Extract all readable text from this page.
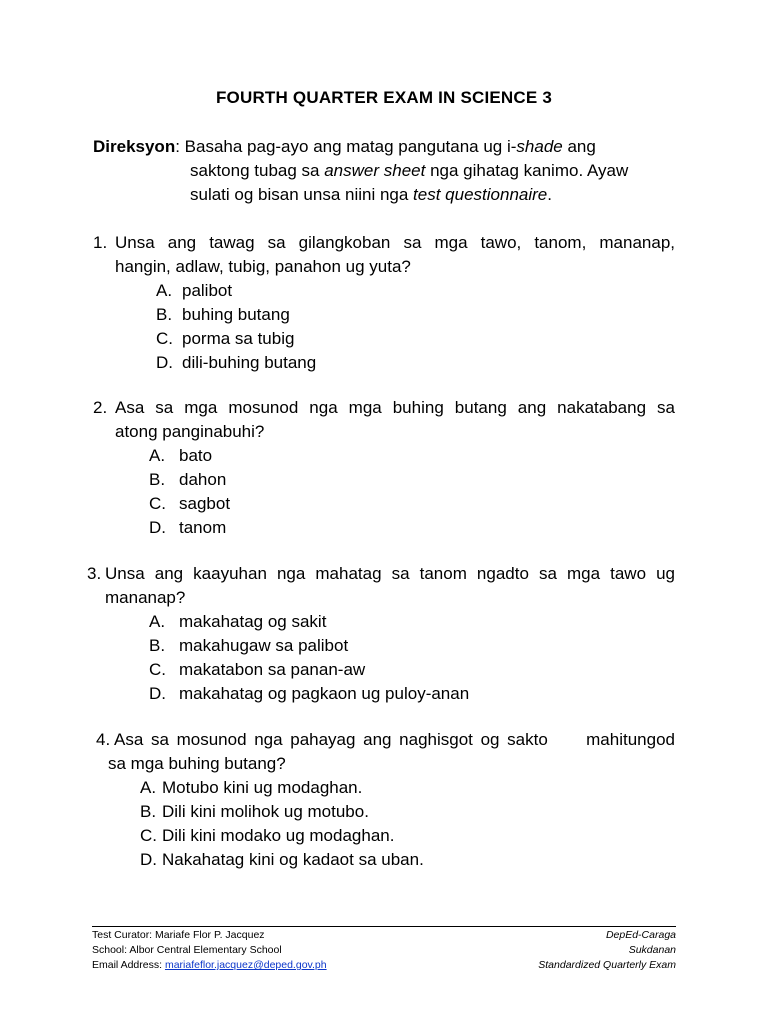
FOURTH QUARTER EXAM IN SCIENCE 3
Direksyon: Basaha pag-ayo ang matag pangutana ug i-shade ang
saktong tubag sa answer sheet nga gihatag kanimo. Ayaw
sulati og bisan unsa niini nga test questionnaire.
1. Unsa ang tawag sa gilangkoban sa mga tawo, tanom, mananap,
hangin, adlaw, tubig, panahon ug yuta?
A. palibot
B. buhing butang
C. porma sa tubig
D. dili-buhing butang
2. Asa sa mga mosunod nga mga buhing butang ang nakatabang sa
atong panginabuhi?
A. bato
B. dahon
C. sagbot
D. tanom
3. Unsa ang kaayuhan nga mahatag sa tanom ngadto sa mga tawo ug
mananap?
A. makahatag og sakit
B. makahugaw sa palibot
C. makatabon sa panan-aw
D. makahatag og pagkaon ug puloy-anan
4. Asa sa mosunod nga pahayag ang naghisgot og sakto     mahitungod
sa mga buhing butang?
A. Motubo kini ug modaghan.
B. Dili kini molihok ug motubo.
C. Dili kini modako ug modaghan.
D. Nakahatag kini og kadaot sa uban.
Test Curator: Mariafe Flor P. Jacquez
School: Albor Central Elementary School
Email Address: mariafeflor.jacquez@deped.gov.ph
DepEd-Caraga
Sukdanan
Standardized Quarterly Exam
